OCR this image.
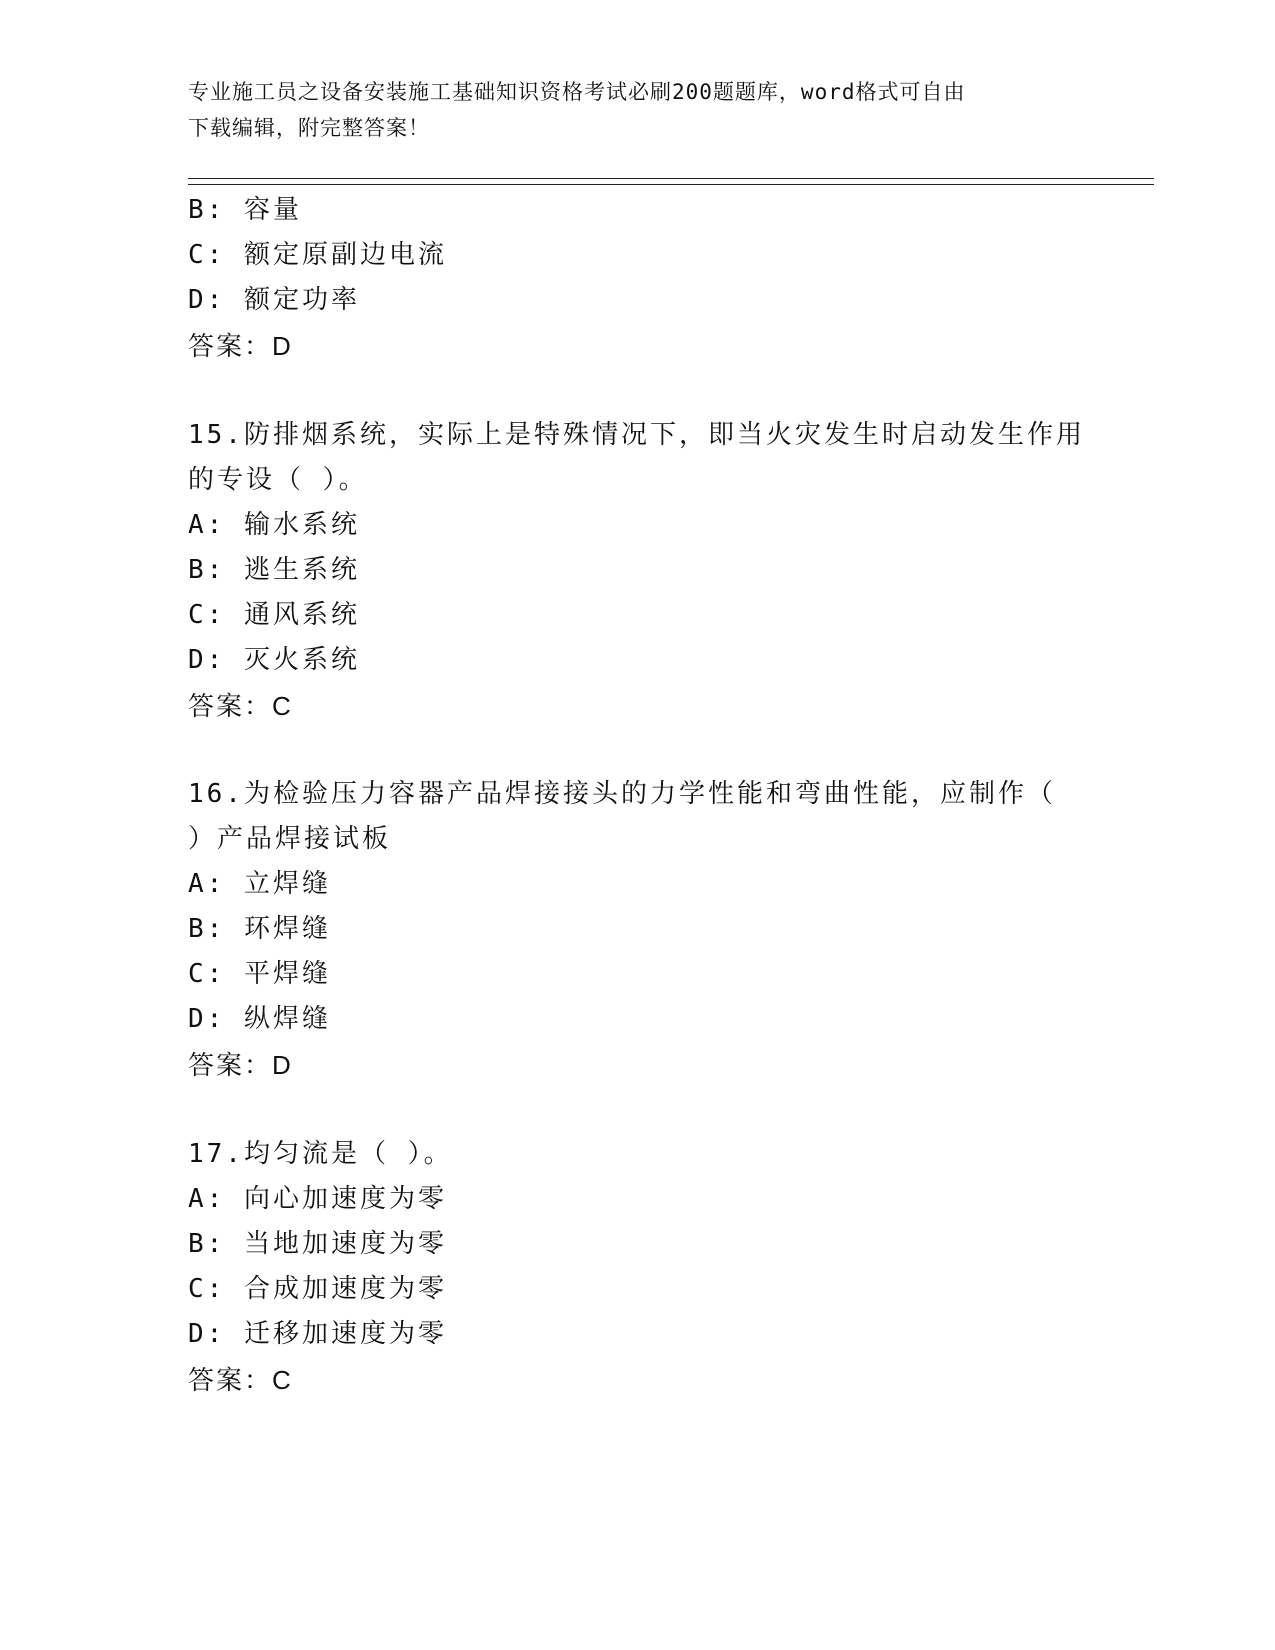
专业施工员之设备安装施工基础知识资格考试必刷200题题库，word格式可自由
下载编辑，附完整答案！
B: 容量
C: 额定原副边电流
D: 额定功率
答案：D
15.防排烟系统，实际上是特殊情况下，即当火灾发生时启动发生作用
的专设（ ）。
A: 输水系统
B: 逃生系统
C: 通风系统
D: 灭火系统
答案：C
16.为检验压力容器产品焊接接头的力学性能和弯曲性能，应制作（
）产品焊接试板
A: 立焊缝
B: 环焊缝
C: 平焊缝
D: 纵焊缝
答案：D
17.均匀流是（ ）。
A: 向心加速度为零
B: 当地加速度为零
C: 合成加速度为零
D: 迁移加速度为零
答案：C
